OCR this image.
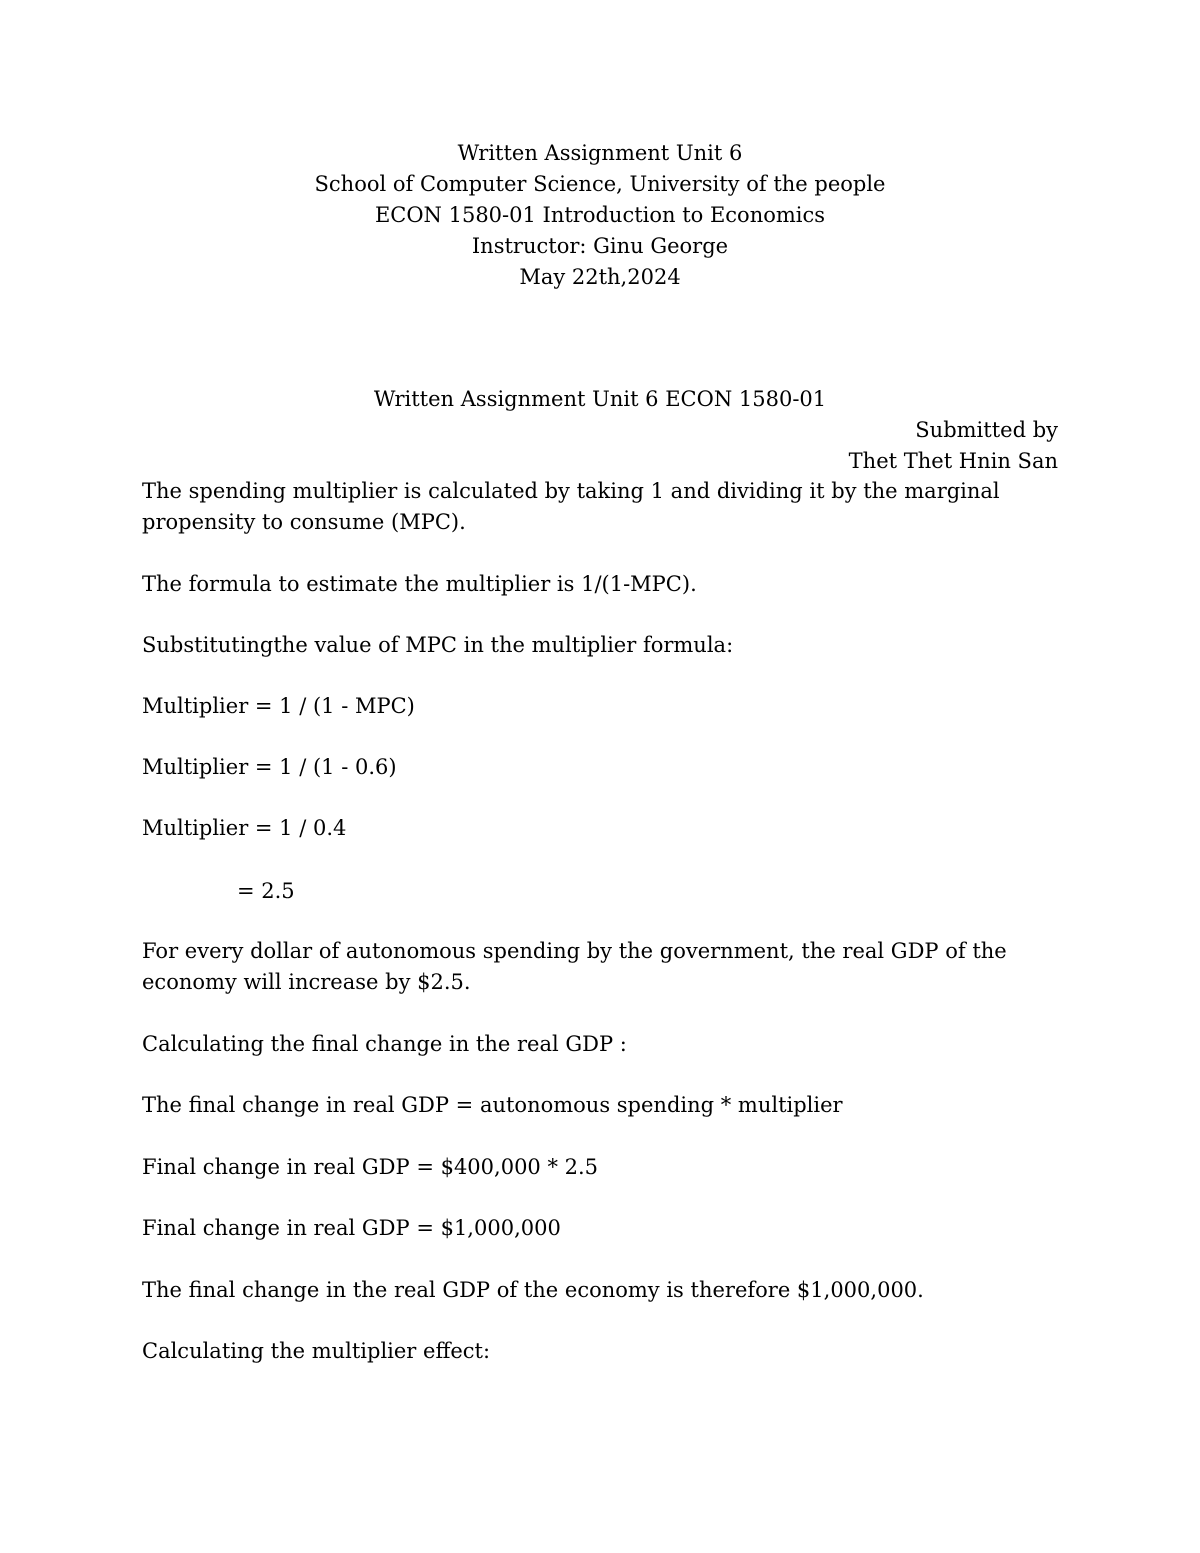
Written Assignment Unit 6
School of Computer Science, University of the people
ECON 1580-01 Introduction to Economics
Instructor: Ginu George
May 22th,2024
Written Assignment Unit 6 ECON 1580-01
Submitted by
Thet Thet Hnin San

The spending multiplier is calculated by taking 1 and dividing it by the marginal

propensity to consume (MPC).

The formula to estimate the multiplier is 1/(1-MPC).

Substitutingthe value of MPC in the multiplier formula:

Multiplier = 1 / (1 - MPC)

Multiplier = 1 / (1 - 0.6)

Multiplier = 1 / 0.4

= 2.5

For every dollar of autonomous spending by the government, the real GDP of the

economy will increase by $2.5.

Calculating the final change in the real GDP :

The final change in real GDP = autonomous spending * multiplier

Final change in real GDP = $400,000 * 2.5

Final change in real GDP = $1,000,000

The final change in the real GDP of the economy is therefore $1,000,000.

Calculating the multiplier effect:
